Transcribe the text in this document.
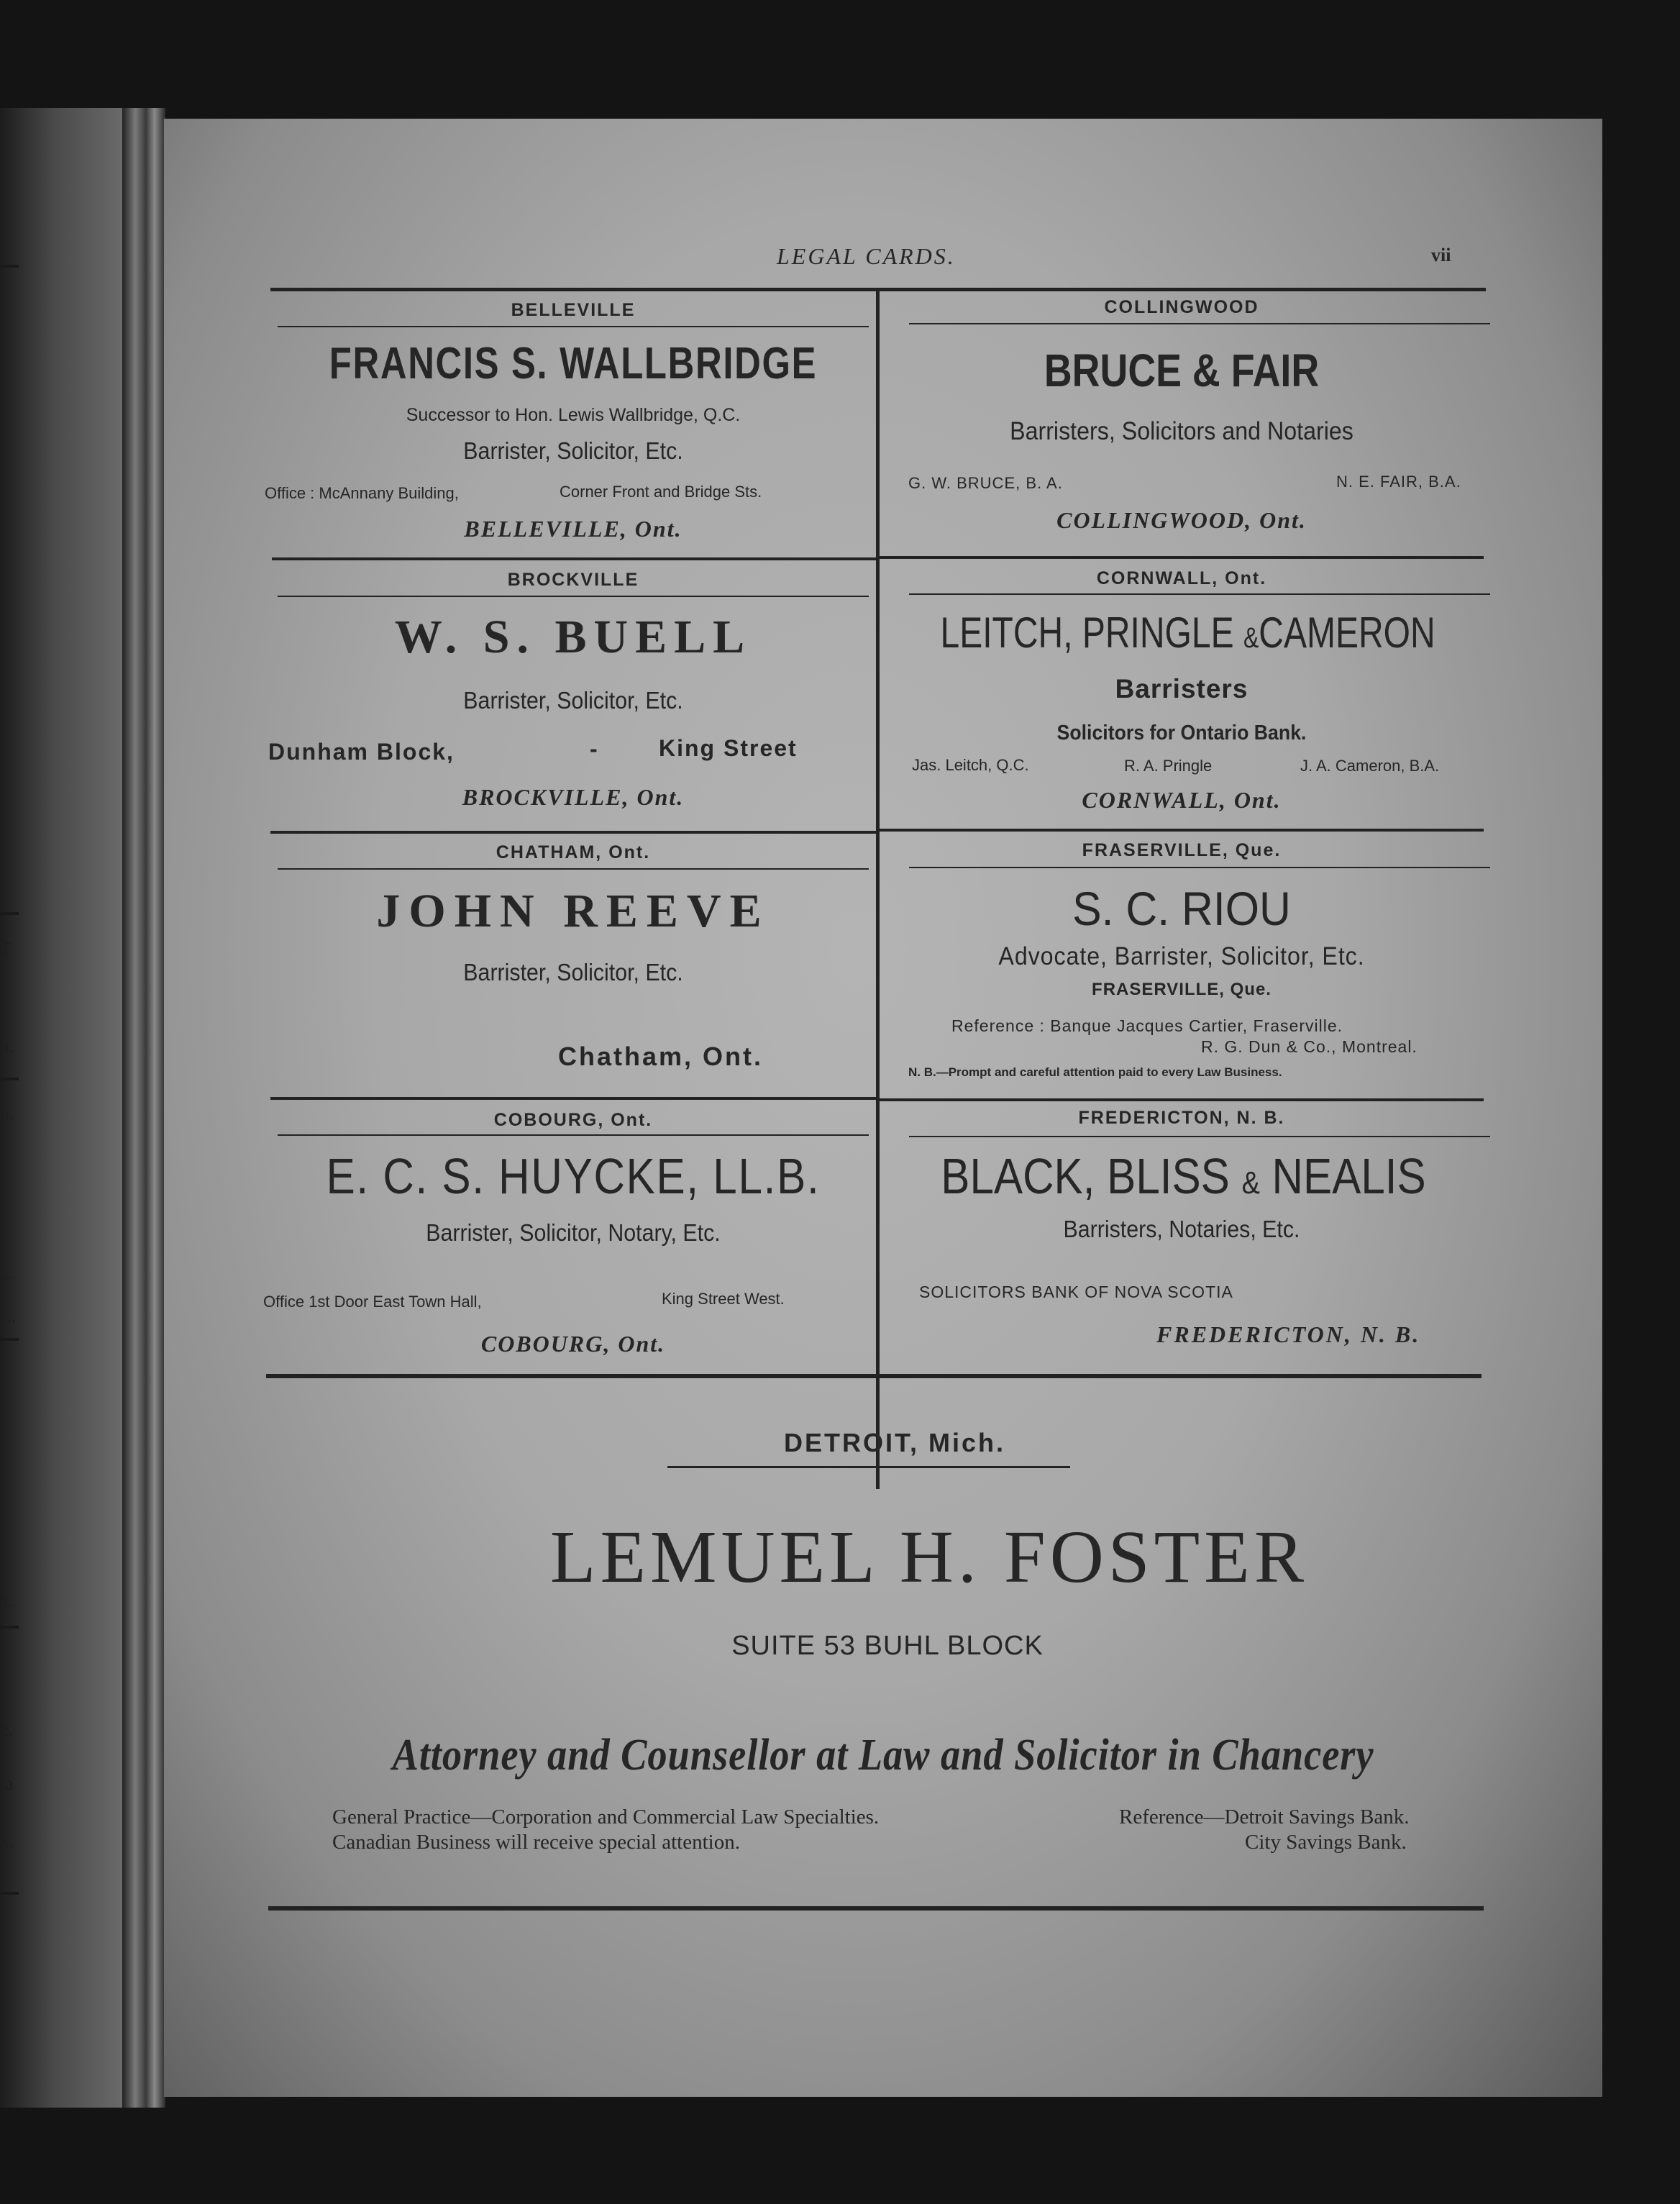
T
n.
n.
c.
L.
a.
c.
la
k.
LEGAL CARDS.	vii
BELLEVILLE
FRANCIS S. WALLBRIDGE
Successor to Hon. Lewis Wallbridge, Q.C.
Barrister, Solicitor, Etc.
Office : McAnnany Building,	Corner Front and Bridge Sts.
BELLEVILLE, Ont.
COLLINGWOOD
BRUCE & FAIR
Barristers, Solicitors and Notaries
G. W. BRUCE, B. A.	N. E. FAIR, B.A.
COLLINGWOOD, Ont.
BROCKVILLE
W. S. BUELL
Barrister, Solicitor, Etc.
Dunham Block,	-	King Street
BROCKVILLE, Ont.
CORNWALL, Ont.
LEITCH, PRINGLE &CAMERON
Barristers
Solicitors for Ontario Bank.
Jas. Leitch, Q.C.	R. A. Pringle	J. A. Cameron, B.A.
CORNWALL, Ont.
CHATHAM, Ont.
JOHN REEVE
Barrister, Solicitor, Etc.
Chatham, Ont.
FRASERVILLE, Que.
S. C. RIOU
Advocate, Barrister, Solicitor, Etc.
FRASERVILLE, Que.
Reference : Banque Jacques Cartier, Fraserville.
R. G. Dun & Co., Montreal.
N. B.—Prompt and careful attention paid to every Law Business.
COBOURG, Ont.
E. C. S. HUYCKE, LL.B.
Barrister, Solicitor, Notary, Etc.
Office 1st Door East Town Hall,	King Street West.
COBOURG, Ont.
FREDERICTON, N. B.
BLACK, BLISS & NEALIS
Barristers, Notaries, Etc.
SOLICITORS BANK OF NOVA SCOTIA
FREDERICTON, N. B.
DETROIT, Mich.
LEMUEL H. FOSTER
SUITE 53 BUHL BLOCK
Attorney and Counsellor at Law and Solicitor in Chancery
General Practice—Corporation and Commercial Law Specialties.
Canadian Business will receive special attention.
Reference—Detroit Savings Bank.
City Savings Bank.
